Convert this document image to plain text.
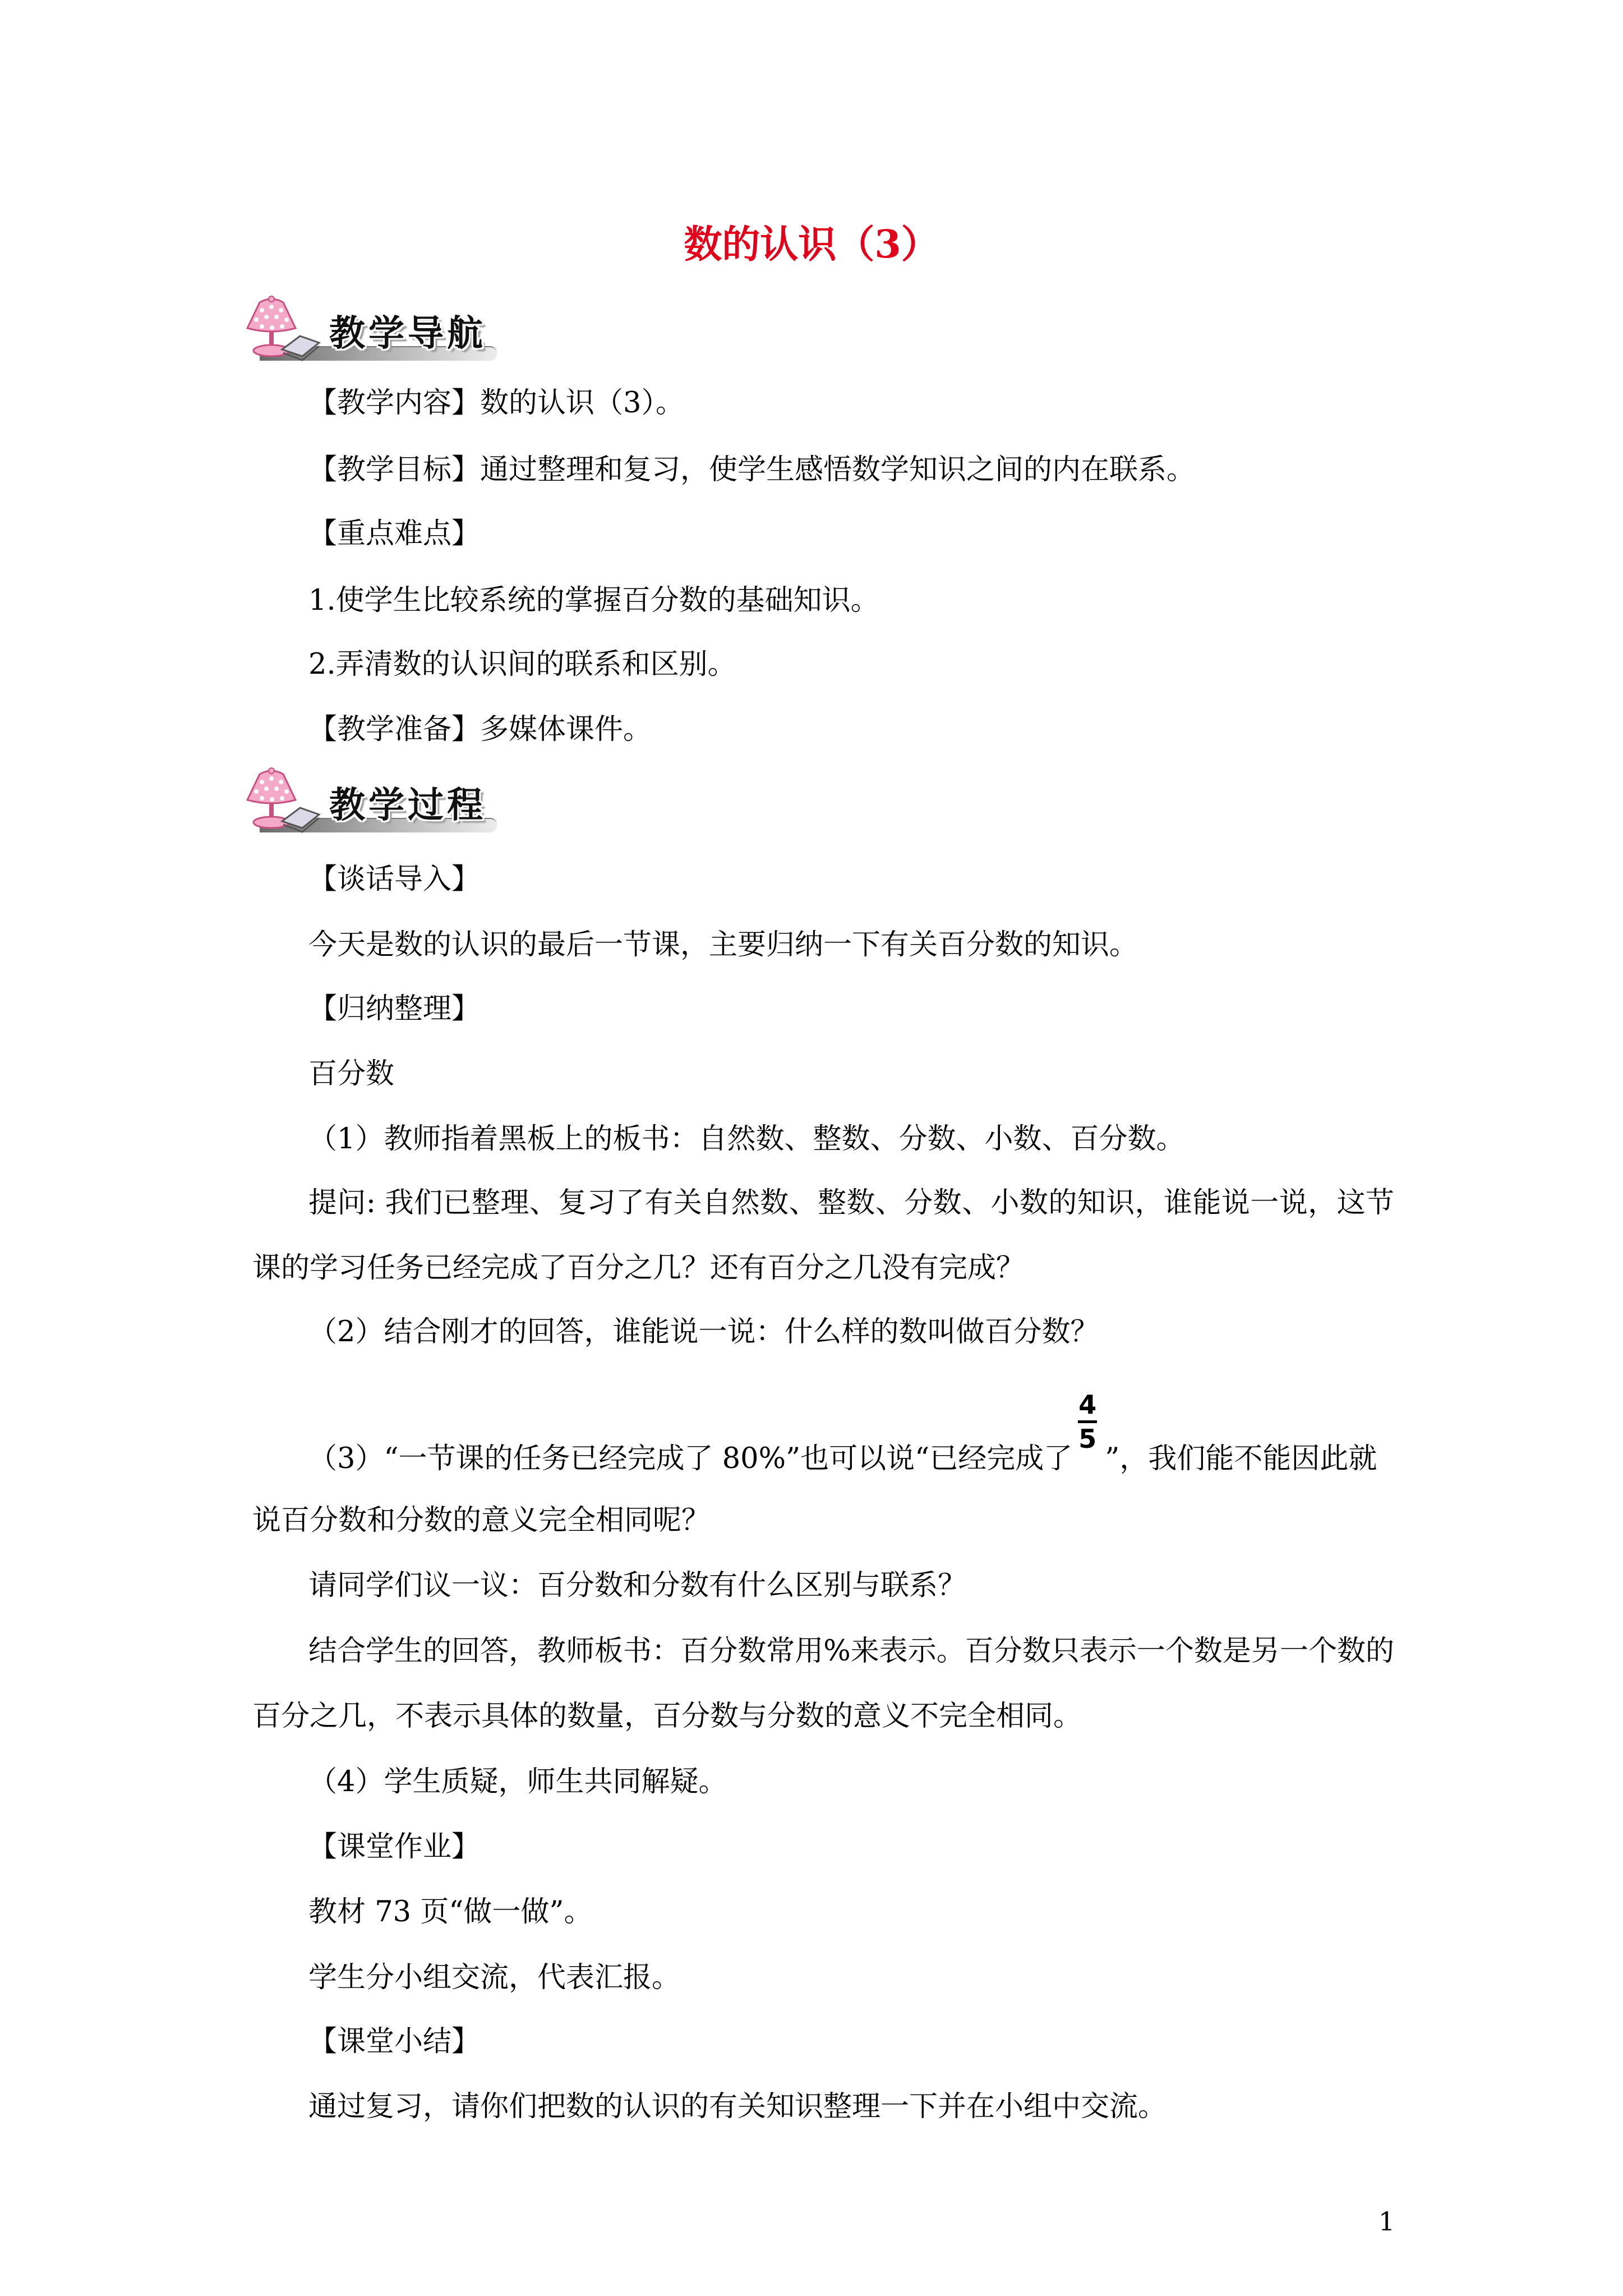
数的认识（3）
教学导航
【教学内容】数的认识（3）。
【教学目标】通过整理和复习，使学生感悟数学知识之间的内在联系。
【重点难点】
1.使学生比较系统的掌握百分数的基础知识。
2.弄清数的认识间的联系和区别。
【教学准备】多媒体课件。
教学过程
【谈话导入】
今天是数的认识的最后一节课，主要归纳一下有关百分数的知识。
【归纳整理】
百分数
（1）教师指着黑板上的板书：自然数、整数、分数、小数、百分数。
提问: 我们已整理、复习了有关自然数、整数、分数、小数的知识，谁能说一说，这节
课的学习任务已经完成了百分之几？还有百分之几没有完成？
（2）结合刚才的回答，谁能说一说：什么样的数叫做百分数？
（3）“一节课的任务已经完成了 80%”也可以说“已经完成了
4
5
”，我们能不能因此就
说百分数和分数的意义完全相同呢？
请同学们议一议：百分数和分数有什么区别与联系？
结合学生的回答，教师板书：百分数常用%来表示。百分数只表示一个数是另一个数的
百分之几，不表示具体的数量，百分数与分数的意义不完全相同。
（4）学生质疑，师生共同解疑。
【课堂作业】
教材 73 页“做一做”。
学生分小组交流，代表汇报。
【课堂小结】
通过复习，请你们把数的认识的有关知识整理一下并在小组中交流。
1
